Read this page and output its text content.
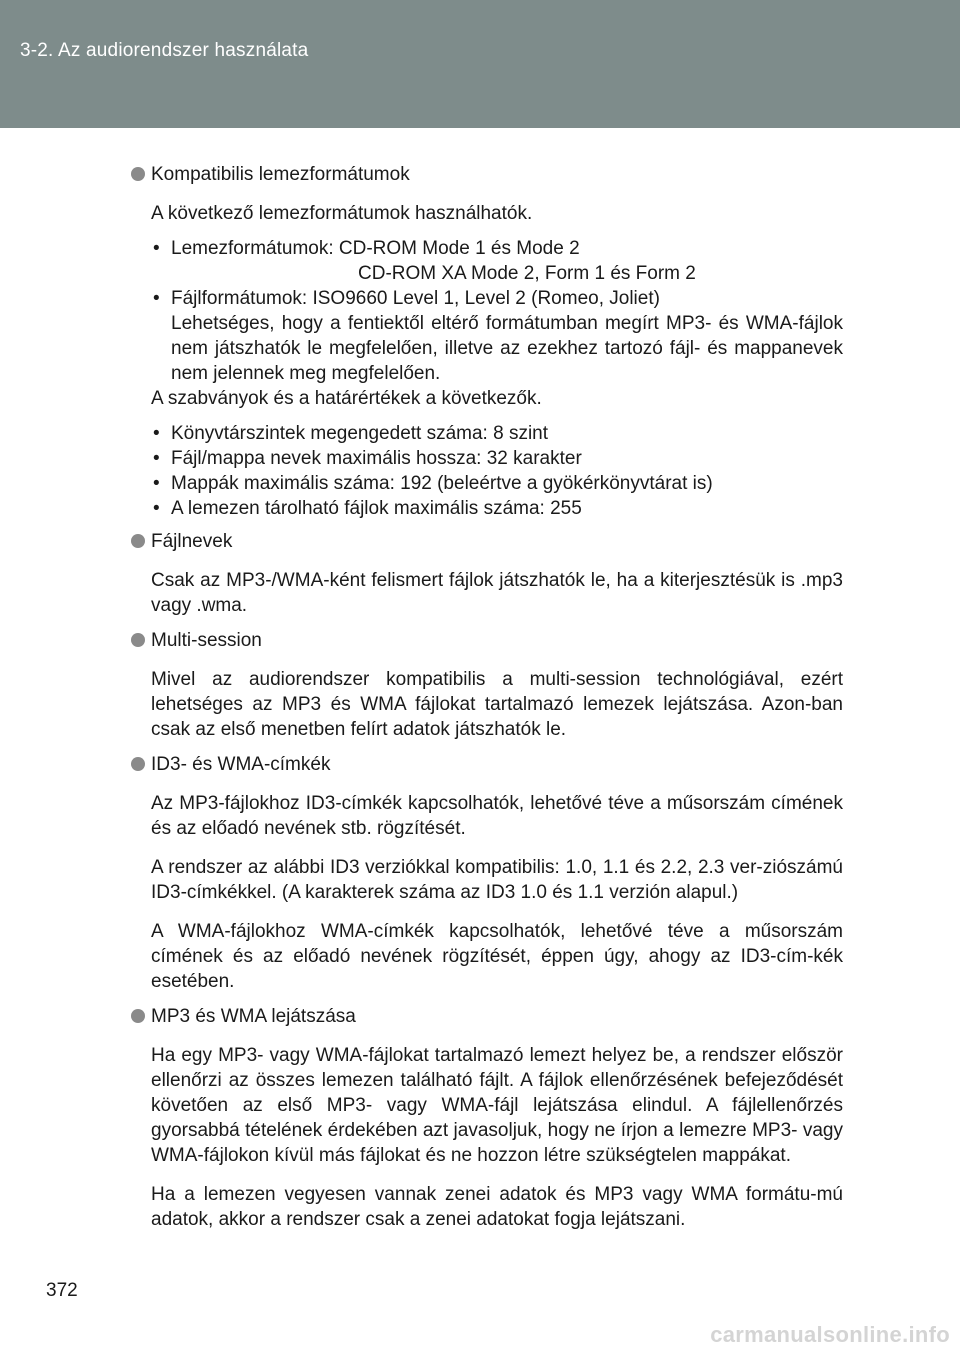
3-2. Az audiorendszer használata
Kompatibilis lemezformátumok
A következő lemezformátumok használhatók.
• Lemezformátumok: CD-ROM Mode 1 és Mode 2
CD-ROM XA Mode 2, Form 1 és Form 2
• Fájlformátumok: ISO9660 Level 1, Level 2 (Romeo, Joliet)
Lehetséges, hogy a fentiektől eltérő formátumban megírt MP3- és WMA-fájlok nem játszhatók le megfelelően, illetve az ezekhez tartozó fájl- és mappanevek nem jelennek meg megfelelően.
A szabványok és a határértékek a következők.
• Könyvtárszintek megengedett száma: 8 szint
• Fájl/mappa nevek maximális hossza: 32 karakter
• Mappák maximális száma: 192 (beleértve a gyökérkönyvtárat is)
• A lemezen tárolható fájlok maximális száma: 255
Fájlnevek
Csak az MP3-/WMA-ként felismert fájlok játszhatók le, ha a kiterjesztésük is .mp3 vagy .wma.
Multi-session
Mivel az audiorendszer kompatibilis a multi-session technológiával, ezért lehetséges az MP3 és WMA fájlokat tartalmazó lemezek lejátszása. Azon-ban csak az első menetben felírt adatok játszhatók le.
ID3- és WMA-címkék
Az MP3-fájlokhoz ID3-címkék kapcsolhatók, lehetővé téve a műsorszám címének és az előadó nevének stb. rögzítését.
A rendszer az alábbi ID3 verziókkal kompatibilis: 1.0, 1.1 és 2.2, 2.3 ver-ziószámú ID3-címkékkel. (A karakterek száma az ID3 1.0 és 1.1 verzión alapul.)
A WMA-fájlokhoz WMA-címkék kapcsolhatók, lehetővé téve a műsorszám címének és az előadó nevének rögzítését, éppen úgy, ahogy az ID3-cím-kék esetében.
MP3 és WMA lejátszása
Ha egy MP3- vagy WMA-fájlokat tartalmazó lemezt helyez be, a rendszer először ellenőrzi az összes lemezen található fájlt. A fájlok ellenőrzésének befejeződését követően az első MP3- vagy WMA-fájl lejátszása elindul. A fájlellenőrzés gyorsabbá tételének érdekében azt javasoljuk, hogy ne írjon a lemezre MP3- vagy WMA-fájlokon kívül más fájlokat és ne hozzon létre szükségtelen mappákat.
Ha a lemezen vegyesen vannak zenei adatok és MP3 vagy WMA formátu-mú adatok, akkor a rendszer csak a zenei adatokat fogja lejátszani.
372
carmanualsonline.info
